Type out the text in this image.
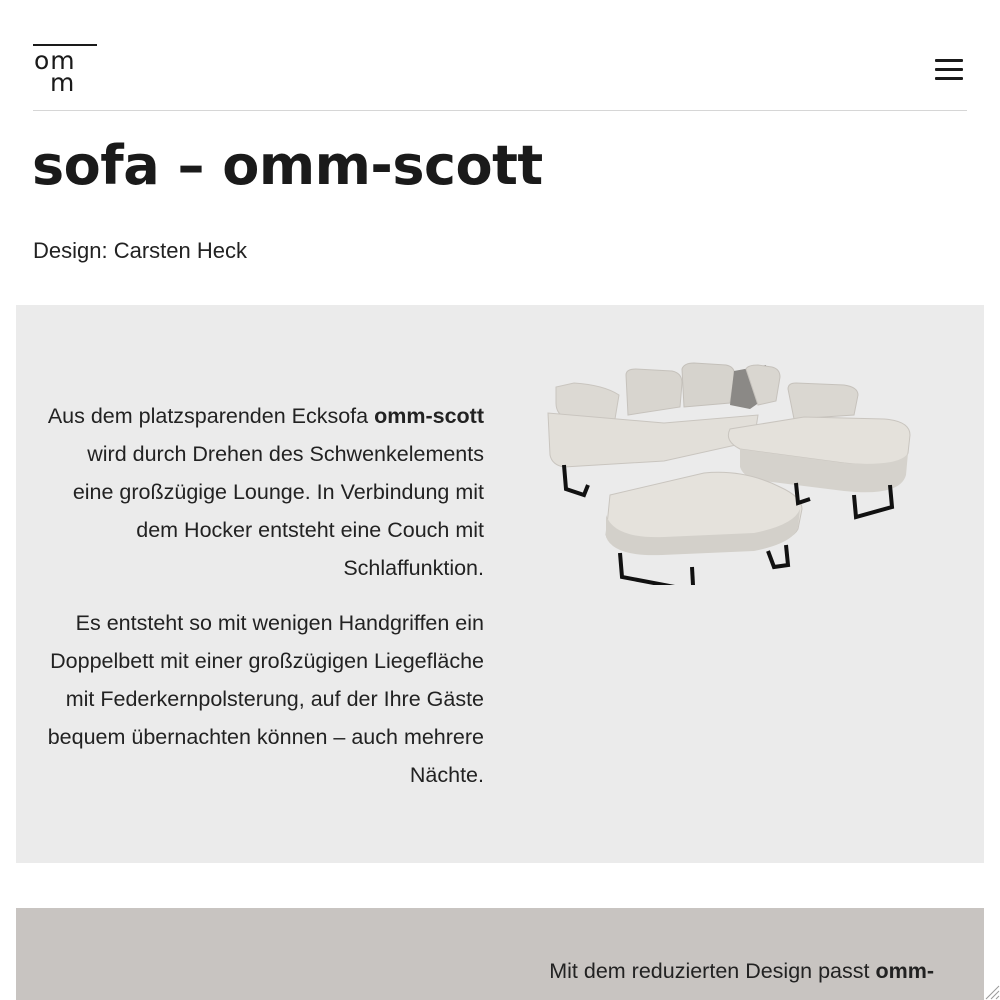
om
m
sofa – omm-scott
Design: Carsten Heck

Aus dem platzsparenden Ecksofa omm-scott wird durch Drehen des Schwenkelements eine großzügige Lounge. In Verbindung mit dem Hocker entsteht eine Couch mit Schlaffunktion.

Es entsteht so mit wenigen Handgriffen ein Doppelbett mit einer großzügigen Liegefläche mit Federkernpolsterung, auf der Ihre Gäste bequem übernachten können – auch mehrere Nächte.

Mit dem reduzierten Design passt omm-
